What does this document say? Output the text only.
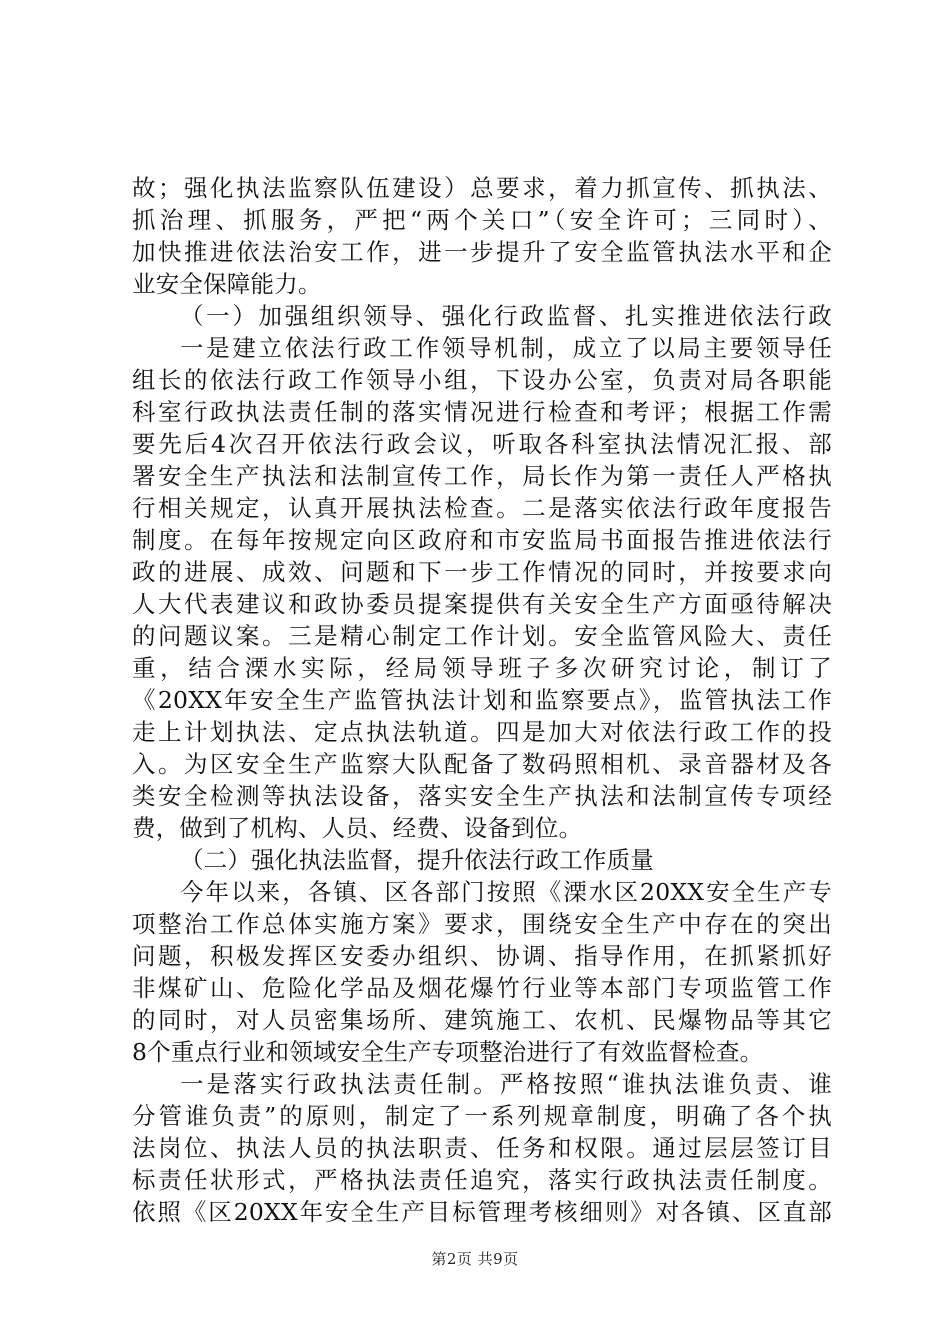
故；强化执法监察队伍建设）总要求，着力抓宣传、抓执法、
抓治理、抓服务，严把“两个关口”（安全许可；三同时）、
加快推进依法治安工作，进一步提升了安全监管执法水平和企
业安全保障能力。
（一）加强组织领导、强化行政监督、扎实推进依法行政
一是建立依法行政工作领导机制，成立了以局主要领导任
组长的依法行政工作领导小组，下设办公室，负责对局各职能
科室行政执法责任制的落实情况进行检查和考评；根据工作需
要先后4次召开依法行政会议，听取各科室执法情况汇报、部
署安全生产执法和法制宣传工作，局长作为第一责任人严格执
行相关规定，认真开展执法检查。二是落实依法行政年度报告
制度。在每年按规定向区政府和市安监局书面报告推进依法行
政的进展、成效、问题和下一步工作情况的同时，并按要求向
人大代表建议和政协委员提案提供有关安全生产方面亟待解决
的问题议案。三是精心制定工作计划。安全监管风险大、责任
重，结合溧水实际，经局领导班子多次研究讨论，制订了
《20XX年安全生产监管执法计划和监察要点》，监管执法工作
走上计划执法、定点执法轨道。四是加大对依法行政工作的投
入。为区安全生产监察大队配备了数码照相机、录音器材及各
类安全检测等执法设备，落实安全生产执法和法制宣传专项经
费，做到了机构、人员、经费、设备到位。
（二）强化执法监督，提升依法行政工作质量
今年以来，各镇、区各部门按照《溧水区20XX安全生产专
项整治工作总体实施方案》要求，围绕安全生产中存在的突出
问题，积极发挥区安委办组织、协调、指导作用，在抓紧抓好
非煤矿山、危险化学品及烟花爆竹行业等本部门专项监管工作
的同时，对人员密集场所、建筑施工、农机、民爆物品等其它
8个重点行业和领域安全生产专项整治进行了有效监督检查。
一是落实行政执法责任制。严格按照“谁执法谁负责、谁
分管谁负责”的原则，制定了一系列规章制度，明确了各个执
法岗位、执法人员的执法职责、任务和权限。通过层层签订目
标责任状形式，严格执法责任追究，落实行政执法责任制度。
依照《区20XX年安全生产目标管理考核细则》对各镇、区直部
第2页 共9页
